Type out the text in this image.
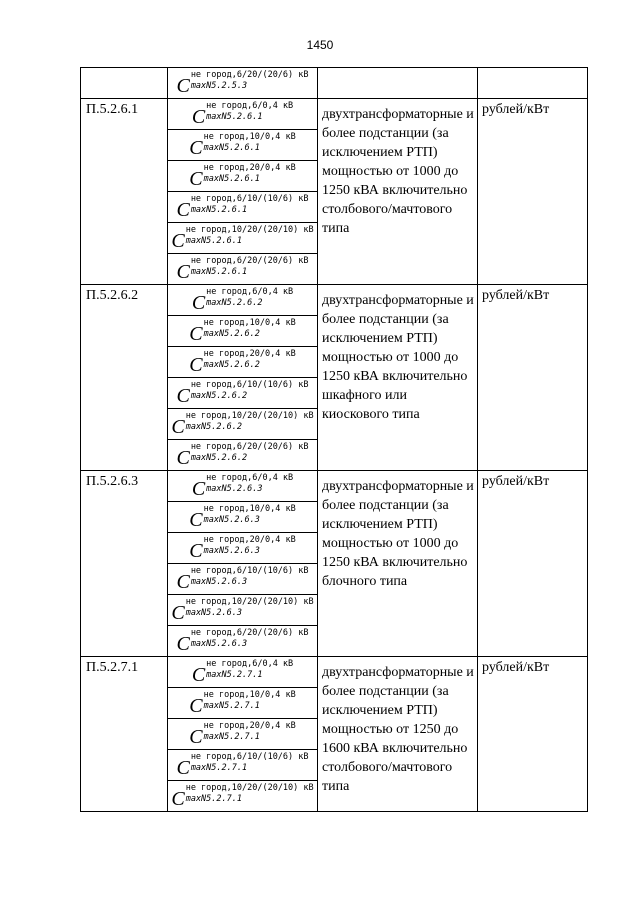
1450

	C не город,6/20/(20/6) кВ
maxN5.2.5.3		

П.5.2.6.1	C не город,6/0,4 кВ
maxN5.2.6.1	двухтрансформаторные и более подстанции (за исключением РТП) мощностью от 1000 до 1250 кВА включительно столбового/мачтового типа	рублей/кВт

	C не город,10/0,4 кВ
maxN5.2.6.1		

	C не город,20/0,4 кВ
maxN5.2.6.1		

	C не город,6/10/(10/6) кВ
maxN5.2.6.1		

	C не город,10/20/(20/10) кВ
maxN5.2.6.1		

	C не город,6/20/(20/6) кВ
maxN5.2.6.1		

П.5.2.6.2	C не город,6/0,4 кВ
maxN5.2.6.2	двухтрансформаторные и более подстанции (за исключением РТП) мощностью от 1000 до 1250 кВА включительно шкафного или киоскового типа	рублей/кВт

	C не город,10/0,4 кВ
maxN5.2.6.2		

	C не город,20/0,4 кВ
maxN5.2.6.2		

	C не город,6/10/(10/6) кВ
maxN5.2.6.2		

	C не город,10/20/(20/10) кВ
maxN5.2.6.2		

	C не город,6/20/(20/6) кВ
maxN5.2.6.2		

П.5.2.6.3	C не город,6/0,4 кВ
maxN5.2.6.3	двухтрансформаторные и более подстанции (за исключением РТП) мощностью от 1000 до 1250 кВА включительно блочного типа	рублей/кВт

	C не город,10/0,4 кВ
maxN5.2.6.3		

	C не город,20/0,4 кВ
maxN5.2.6.3		

	C не город,6/10/(10/6) кВ
maxN5.2.6.3		

	C не город,10/20/(20/10) кВ
maxN5.2.6.3		

	C не город,6/20/(20/6) кВ
maxN5.2.6.3		

П.5.2.7.1	C не город,6/0,4 кВ
maxN5.2.7.1	двухтрансформаторные и более подстанции (за исключением РТП) мощностью от 1250 до 1600 кВА включительно столбового/мачтового типа	рублей/кВт

	C не город,10/0,4 кВ
maxN5.2.7.1		

	C не город,20/0,4 кВ
maxN5.2.7.1		

	C не город,6/10/(10/6) кВ
maxN5.2.7.1		

	C не город,10/20/(20/10) кВ
maxN5.2.7.1		
